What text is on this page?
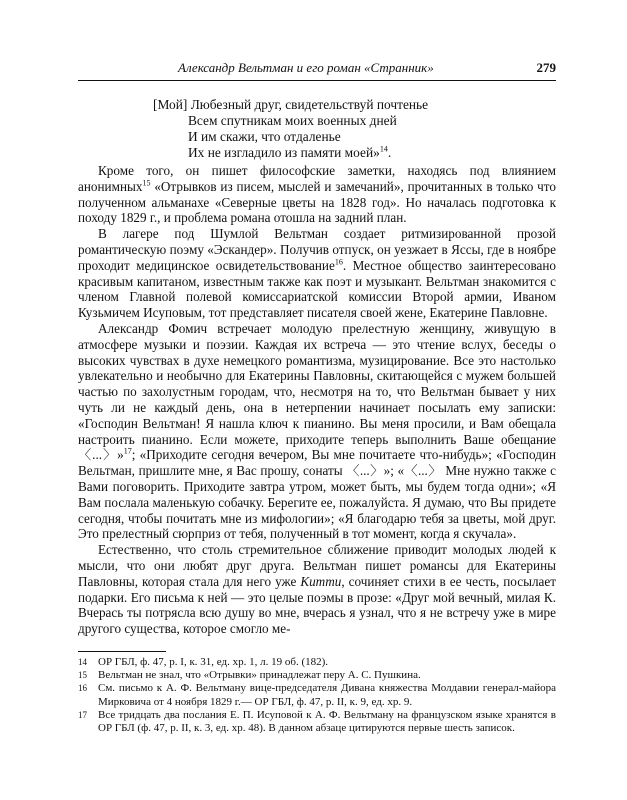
Александр Вельтман и его роман «Странник»	279
[Мой] Любезный друг, свидетельствуй почтенье
Всем спутникам моих военных дней
И им скажи, что отдаленье
Их не изгладило из памяти моей»$^{14}$.

Кроме того, он пишет философские заметки, находясь под влиянием анонимных$^{15}$ «Отрывков из писем, мыслей и замечаний», прочитанных в только что полученном альманахе «Северные цветы на 1828 год». Но началась подготовка к походу 1829 г., и проблема романа отошла на задний план.

В лагере под Шумлой Вельтман создает ритмизированной прозой романтическую поэму «Эскандер». Получив отпуск, он уезжает в Яссы, где в ноябре проходит медицинское освидетельствование$^{16}$. Местное общество заинтересовано красивым капитаном, известным также как поэт и музыкант. Вельтман знакомится с членом Главной полевой комиссариатской комиссии Второй армии, Иваном Кузьмичем Исуповым, тот представляет писателя своей жене, Екатерине Павловне.

Александр Фомич встречает молодую прелестную женщину, живущую в атмосфере музыки и поэзии. Каждая их встреча — это чтение вслух, беседы о высоких чувствах в духе немецкого романтизма, музицирование. Все это настолько увлекательно и необычно для Екатерины Павловны, скитающейся с мужем большей частью по захолустным городам, что, несмотря на то, что Вельтман бывает у них чуть ли не каждый день, она в нетерпении начинает посылать ему записки: «Господин Вельтман! Я нашла ключ к пианино. Вы меня просили, и Вам обещала настроить пианино. Если можете, приходите теперь выполнить Ваше обещание 〈...〉»$^{17}$; «Приходите сегодня вечером, Вы мне почитаете что-нибудь»; «Господин Вельтман, пришлите мне, я Вас прошу, сонаты 〈...〉»; «〈...〉 Мне нужно также с Вами поговорить. Приходите завтра утром, может быть, мы будем тогда одни»; «Я Вам послала маленькую собачку. Берегите ее, пожалуйста. Я думаю, что Вы придете сегодня, чтобы почитать мне из мифологии»; «Я благодарю тебя за цветы, мой друг. Это прелестный сюрприз от тебя, полученный в тот момент, когда я скучала».

Естественно, что столь стремительное сближение приводит молодых людей к мысли, что они любят друг друга. Вельтман пишет романсы для Екатерины Павловны, которая стала для него уже Китти, сочиняет стихи в ее честь, посылает подарки. Его письма к ней — это целые поэмы в прозе: «Друг мой вечный, милая К. Вчерась ты потрясла всю душу во мне, вчерась я узнал, что я не встречу уже в мире другого существа, которое смогло ме-

14	ОР ГБЛ, ф. 47, р. I, к. 31, ед. хр. 1, л. 19 об. (182).
15	Вельтман не знал, что «Отрывки» принадлежат перу А. С. Пушкина.
16	См. письмо к А. Ф. Вельтману вице-председателя Дивана княжества Молдавии генерал-майора Мирковича от 4 ноября 1829 г.— ОР ГБЛ, ф. 47, р. II, к. 9, ед. хр. 9.
17	Все тридцать два послания Е. П. Исуповой к А. Ф. Вельтману на французском языке хранятся в ОР ГБЛ (ф. 47, р. II, к. 3, ед. хр. 48). В данном абзаце цитируются первые шесть записок.
